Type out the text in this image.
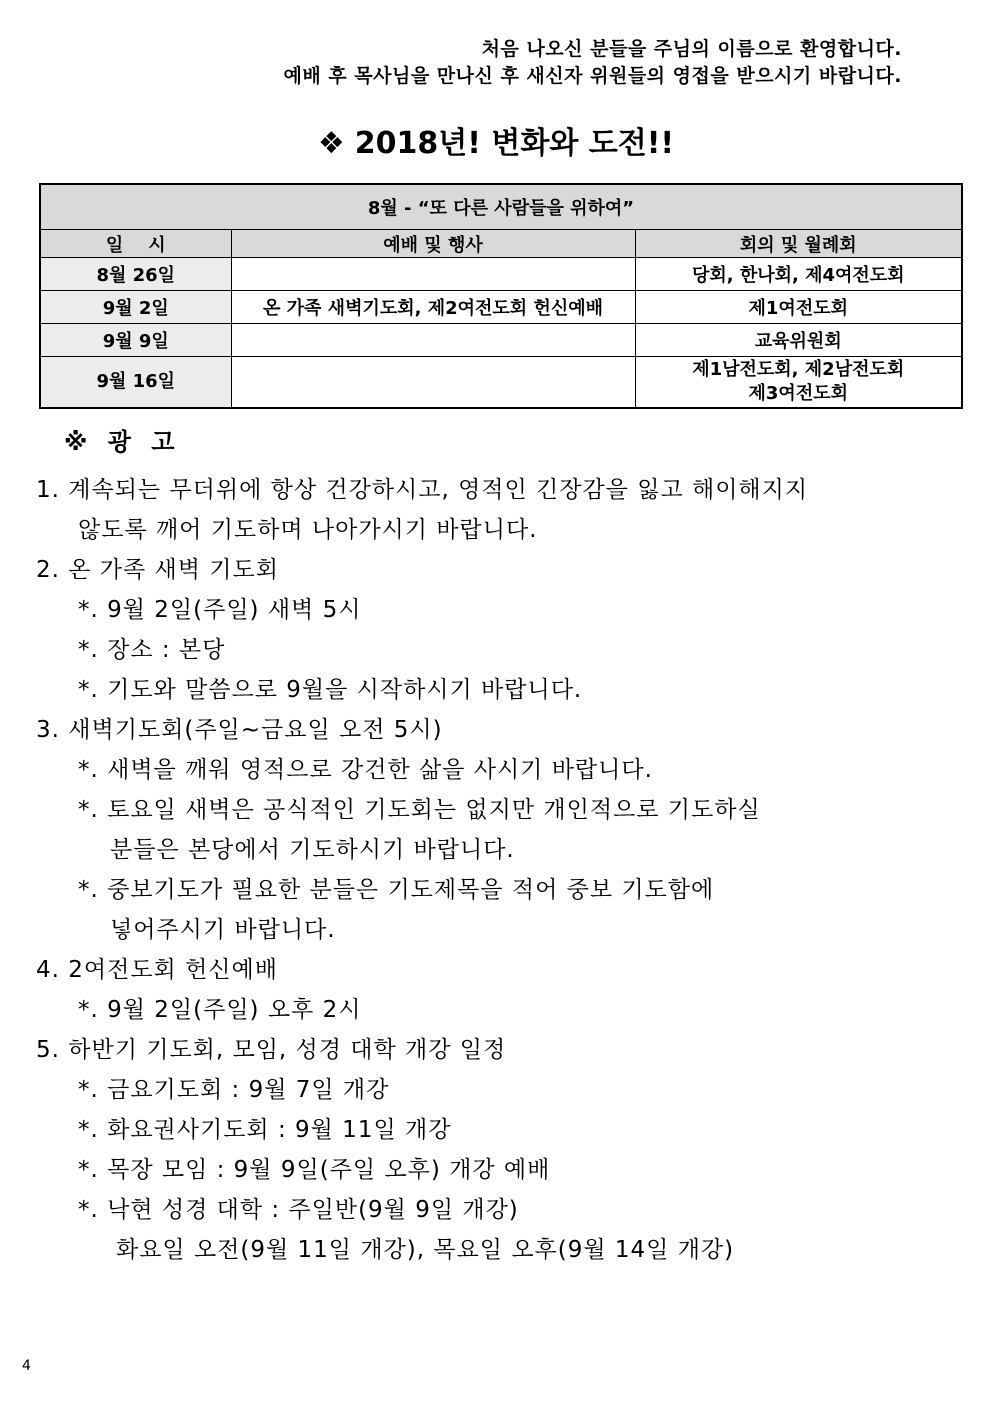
처음 나오신 분들을 주님의 이름으로 환영합니다.
예배 후 목사님을 만나신 후 새신자 위원들의 영접을 받으시기 바랍니다.
❖ 2018년! 변화와 도전!!
8월 - “또 다른 사람들을 위하여”		
일    시	예배 및 행사	회의 및 월례회
8월 26일		당회, 한나회, 제4여전도회
9월 2일	온 가족 새벽기도회, 제2여전도회 헌신예배	제1여전도회
9월 9일		교육위원회
9월 16일		제1남전도회, 제2남전도회
제3여전도회
※ 광 고
1. 계속되는 무더위에 항상 건강하시고, 영적인 긴장감을 잃고 해이해지지
않도록 깨어 기도하며 나아가시기 바랍니다.
2. 온 가족 새벽 기도회
*. 9월 2일(주일) 새벽 5시
*. 장소 : 본당
*. 기도와 말씀으로 9월을 시작하시기 바랍니다.
3. 새벽기도회(주일~금요일 오전 5시)
*. 새벽을 깨워 영적으로 강건한 삶을 사시기 바랍니다.
*. 토요일 새벽은 공식적인 기도회는 없지만 개인적으로 기도하실
분들은 본당에서 기도하시기 바랍니다.
*. 중보기도가 필요한 분들은 기도제목을 적어 중보 기도함에
넣어주시기 바랍니다.
4. 2여전도회 헌신예배
*. 9월 2일(주일) 오후 2시
5. 하반기 기도회, 모임, 성경 대학 개강 일정
*. 금요기도회 : 9월 7일 개강
*. 화요권사기도회 : 9월 11일 개강
*. 목장 모임 : 9월 9일(주일 오후) 개강 예배
*. 낙현 성경 대학 : 주일반(9월 9일 개강)
화요일 오전(9월 11일 개강), 목요일 오후(9월 14일 개강)
4
